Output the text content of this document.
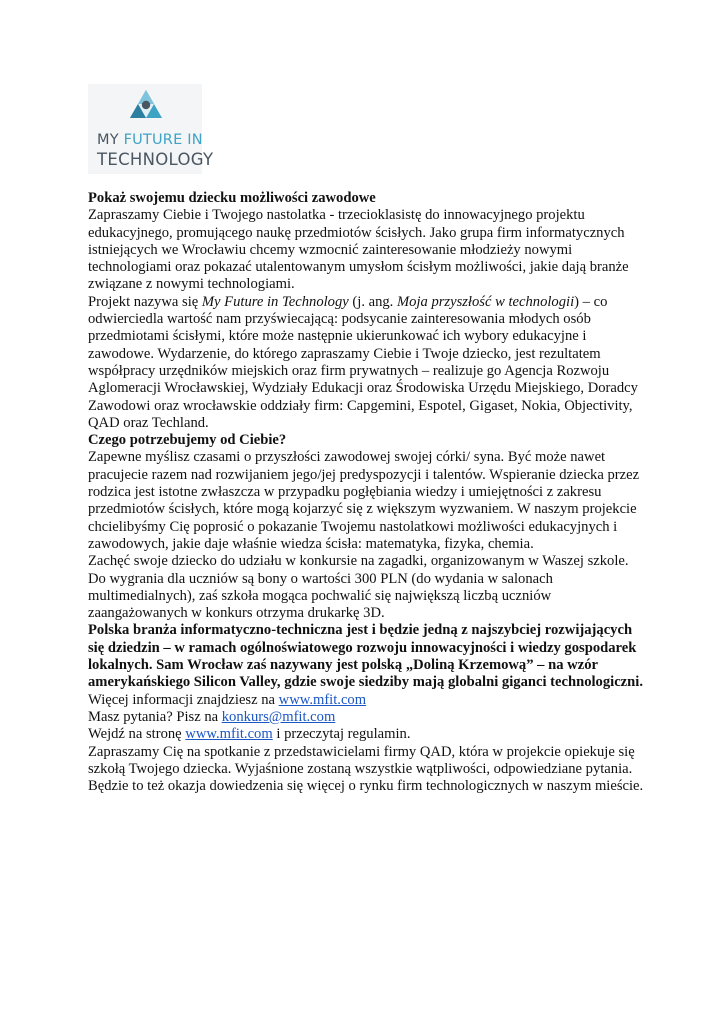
MY FUTURE IN
TECHNOLOGY

Pokaż swojemu dziecku możliwości zawodowe

Zapraszamy Ciebie i Twojego nastolatka - trzecioklasistę do innowacyjnego projektu edukacyjnego, promującego naukę przedmiotów ścisłych. Jako grupa firm informatycznych istniejących we Wrocławiu chcemy wzmocnić zainteresowanie młodzieży nowymi technologiami oraz pokazać utalentowanym umysłom ścisłym możliwości, jakie dają branże związane z nowymi technologiami.

Projekt nazywa się My Future in Technology (j. ang. Moja przyszłość w technologii) – co odwierciedla wartość nam przyświecającą: podsycanie zainteresowania młodych osób przedmiotami ścisłymi, które może następnie ukierunkować ich wybory edukacyjne i zawodowe. Wydarzenie, do którego zapraszamy Ciebie i Twoje dziecko, jest rezultatem współpracy urzędników miejskich oraz firm prywatnych – realizuje go Agencja Rozwoju Aglomeracji Wrocławskiej, Wydziały Edukacji oraz Środowiska Urzędu Miejskiego, Doradcy Zawodowi oraz wrocławskie oddziały firm: Capgemini, Espotel, Gigaset, Nokia, Objectivity, QAD oraz Techland.

Czego potrzebujemy od Ciebie?

Zapewne myślisz czasami o przyszłości zawodowej swojej córki/ syna. Być może nawet pracujecie razem nad rozwijaniem jego/jej predyspozycji i talentów. Wspieranie dziecka przez rodzica jest istotne zwłaszcza w przypadku pogłębiania wiedzy i umiejętności z zakresu przedmiotów ścisłych, które mogą kojarzyć się z większym wyzwaniem. W naszym projekcie chcielibyśmy Cię poprosić o pokazanie Twojemu nastolatkowi możliwości edukacyjnych i zawodowych, jakie daje właśnie wiedza ścisła: matematyka, fizyka, chemia.

Zachęć swoje dziecko do udziału w konkursie na zagadki, organizowanym w Waszej szkole. Do wygrania dla uczniów są bony o wartości 300 PLN (do wydania w salonach multimedialnych), zaś szkoła mogąca pochwalić się największą liczbą uczniów zaangażowanych w konkurs otrzyma drukarkę 3D.

Polska branża informatyczno-techniczna jest i będzie jedną z najszybciej rozwijających się dziedzin – w ramach ogólnoświatowego rozwoju innowacyjności i wiedzy gospodarek lokalnych. Sam Wrocław zaś nazywany jest polską „Doliną Krzemową” – na wzór amerykańskiego Silicon Valley, gdzie swoje siedziby mają globalni giganci technologiczni.

Więcej informacji znajdziesz na www.mfit.com

Masz pytania? Pisz na konkurs@mfit.com

Wejdź na stronę www.mfit.com i przeczytaj regulamin.

Zapraszamy Cię na spotkanie z przedstawicielami firmy QAD, która w projekcie opiekuje się szkołą Twojego dziecka. Wyjaśnione zostaną wszystkie wątpliwości, odpowiedziane pytania. Będzie to też okazja dowiedzenia się więcej o rynku firm technologicznych w naszym mieście.
